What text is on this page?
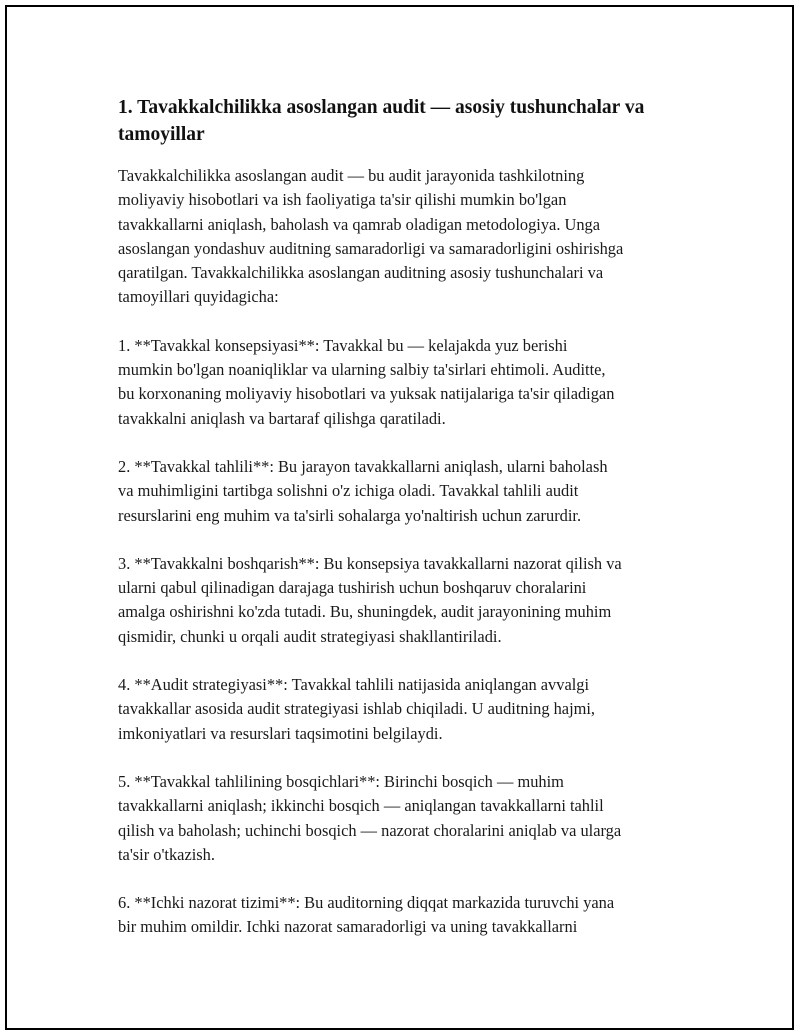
1. Tavakkalchilikka asoslangan audit — asosiy tushunchalar va tamoyillar

Tavakkalchilikka asoslangan audit — bu audit jarayonida tashkilotning
moliyaviy hisobotlari va ish faoliyatiga ta'sir qilishi mumkin bo'lgan
tavakkallarni aniqlash, baholash va qamrab oladigan metodologiya. Unga
asoslangan yondashuv auditning samaradorligi va samaradorligini oshirishga
qaratilgan. Tavakkalchilikka asoslangan auditning asosiy tushunchalari va
tamoyillari quyidagicha:

1. **Tavakkal konsepsiyasi**: Tavakkal bu — kelajakda yuz berishi
mumkin bo'lgan noaniqliklar va ularning salbiy ta'sirlari ehtimoli. Auditte,
bu korxonaning moliyaviy hisobotlari va yuksak natijalariga ta'sir qiladigan
tavakkalni aniqlash va bartaraf qilishga qaratiladi.

2. **Tavakkal tahlili**: Bu jarayon tavakkallarni aniqlash, ularni baholash
va muhimligini tartibga solishni o'z ichiga oladi. Tavakkal tahlili audit
resurslarini eng muhim va ta'sirli sohalarga yo'naltirish uchun zarurdir.

3. **Tavakkalni boshqarish**: Bu konsepsiya tavakkallarni nazorat qilish va
ularni qabul qilinadigan darajaga tushirish uchun boshqaruv choralarini
amalga oshirishni ko'zda tutadi. Bu, shuningdek, audit jarayonining muhim
qismidir, chunki u orqali audit strategiyasi shakllantiriladi.

4. **Audit strategiyasi**: Tavakkal tahlili natijasida aniqlangan avvalgi
tavakkallar asosida audit strategiyasi ishlab chiqiladi. U auditning hajmi,
imkoniyatlari va resurslari taqsimotini belgilaydi.

5. **Tavakkal tahlilining bosqichlari**: Birinchi bosqich — muhim
tavakkallarni aniqlash; ikkinchi bosqich — aniqlangan tavakkallarni tahlil
qilish va baholash; uchinchi bosqich — nazorat choralarini aniqlab va ularga
ta'sir o'tkazish.

6. **Ichki nazorat tizimi**: Bu auditorning diqqat markazida turuvchi yana
bir muhim omildir. Ichki nazorat samaradorligi va uning tavakkallarni
